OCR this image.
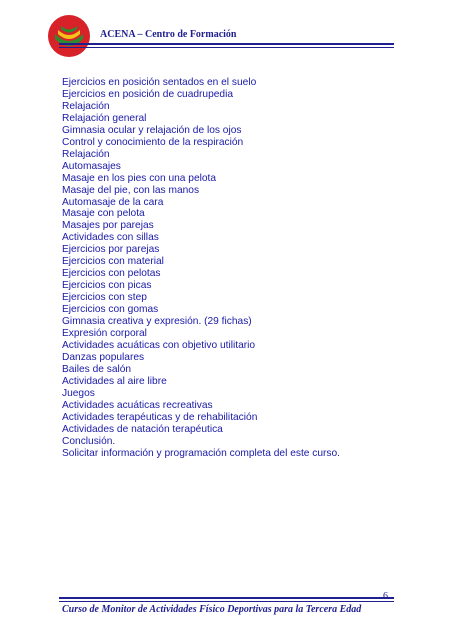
ACENA – Centro de Formación
Ejercicios en posición sentados en el suelo
Ejercicios en posición de cuadrupedia
Relajación
Relajación general
Gimnasia ocular y relajación de los ojos
Control y conocimiento de la respiración
Relajación
Automasajes
Masaje en los pies con una pelota
Masaje del pie, con las manos
Automasaje de la cara
Masaje con pelota
Masajes por parejas
Actividades con sillas
Ejercicios por parejas
Ejercicios con material
Ejercicios con pelotas
Ejercicios con picas
Ejercicios con step
Ejercicios con gomas
Gimnasia creativa y expresión. (29 fichas)
Expresión corporal
Actividades acuáticas con objetivo utilitario
Danzas populares
Bailes de salón
Actividades al aire libre
Juegos
Actividades acuáticas recreativas
Actividades terapéuticas y de rehabilitación
Actividades de natación terapéutica
Conclusión.
Solicitar información y programación completa del este curso.
Curso de Monitor de Actividades Físico Deportivas para la Tercera Edad
6
